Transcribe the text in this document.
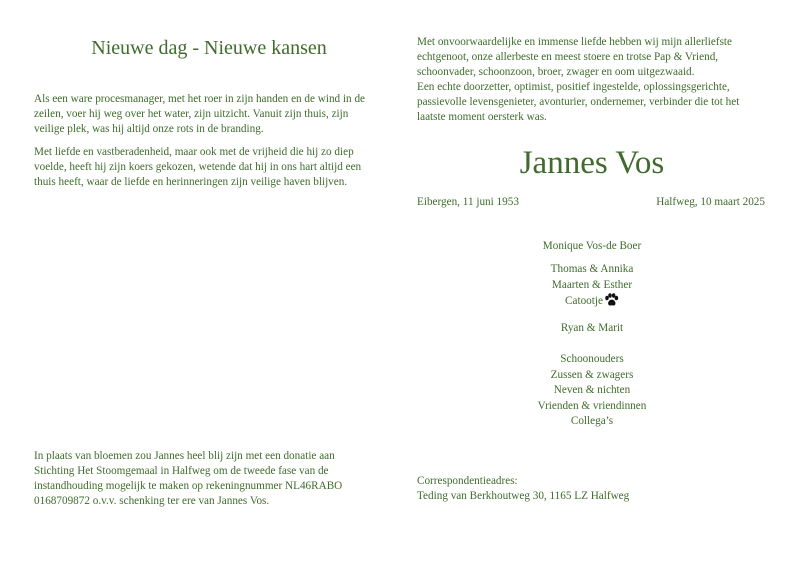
Nieuwe dag - Nieuwe kansen

Als een ware procesmanager, met het roer in zijn handen en de wind in de zeilen, voer hij weg over het water, zijn uitzicht. Vanuit zijn thuis, zijn veilige plek, was hij altijd onze rots in de branding.

Met liefde en vastberadenheid, maar ook met de vrijheid die hij zo diep voelde, heeft hij zijn koers gekozen, wetende dat hij in ons hart altijd een thuis heeft, waar de liefde en herinneringen zijn veilige haven blijven.

In plaats van bloemen zou Jannes heel blij zijn met een donatie aan Stichting Het Stoomgemaal in Halfweg om de tweede fase van de instandhouding mogelijk te maken op rekeningnummer NL46RABO 0168709872 o.v.v. schenking ter ere van Jannes Vos.

Met onvoorwaardelijke en immense liefde hebben wij mijn allerliefste echtgenoot, onze allerbeste en meest stoere en trotse Pap & Vriend, schoonvader, schoonzoon, broer, zwager en oom uitgezwaaid.

Een echte doorzetter, optimist, positief ingestelde, oplossingsgerichte, passievolle levensgenieter, avonturier, ondernemer, verbinder die tot het laatste moment oersterk was.

Jannes Vos
Eibergen, 11 juni 1953	Halfweg, 10 maart 2025
Monique Vos-de Boer
Thomas & Annika
Maarten & Esther
Catootje
Ryan & Marit
Schoonouders
Zussen & zwagers
Neven & nichten
Vrienden & vriendinnen
Collega’s
Correspondentieadres:
Teding van Berkhoutweg 30, 1165 LZ Halfweg
